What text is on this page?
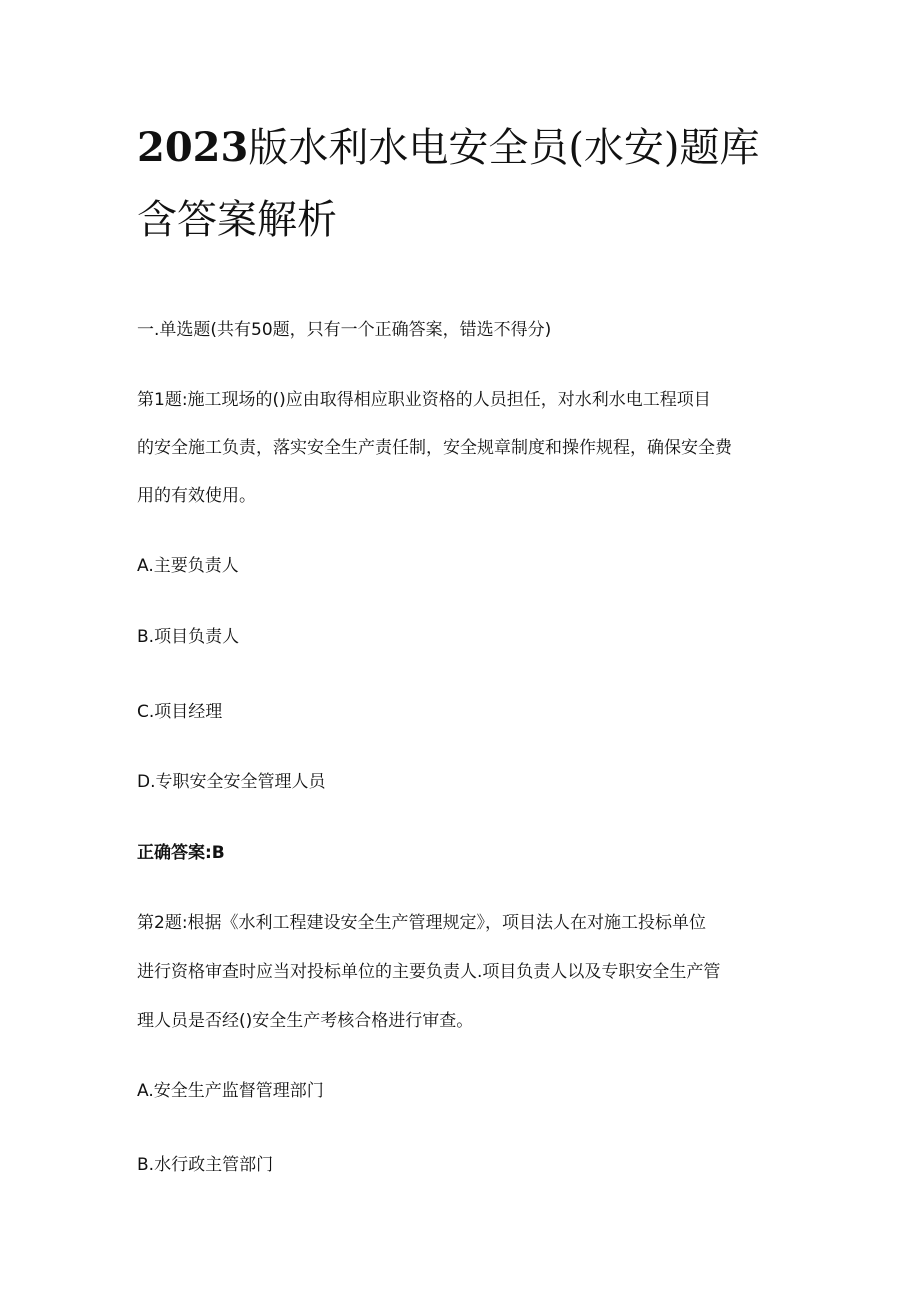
2023版水利水电安全员(水安)题库
含答案解析

一.单选题(共有50题，只有一个正确答案，错选不得分)

第1题:施工现场的()应由取得相应职业资格的人员担任，对水利水电工程项目

的安全施工负责，落实安全生产责任制，安全规章制度和操作规程，确保安全费

用的有效使用。

A.主要负责人

B.项目负责人

C.项目经理

D.专职安全安全管理人员

正确答案:B

第2题:根据《水利工程建设安全生产管理规定》，项目法人在对施工投标单位

进行资格审查时应当对投标单位的主要负责人.项目负责人以及专职安全生产管

理人员是否经()安全生产考核合格进行审查。

A.安全生产监督管理部门

B.水行政主管部门
